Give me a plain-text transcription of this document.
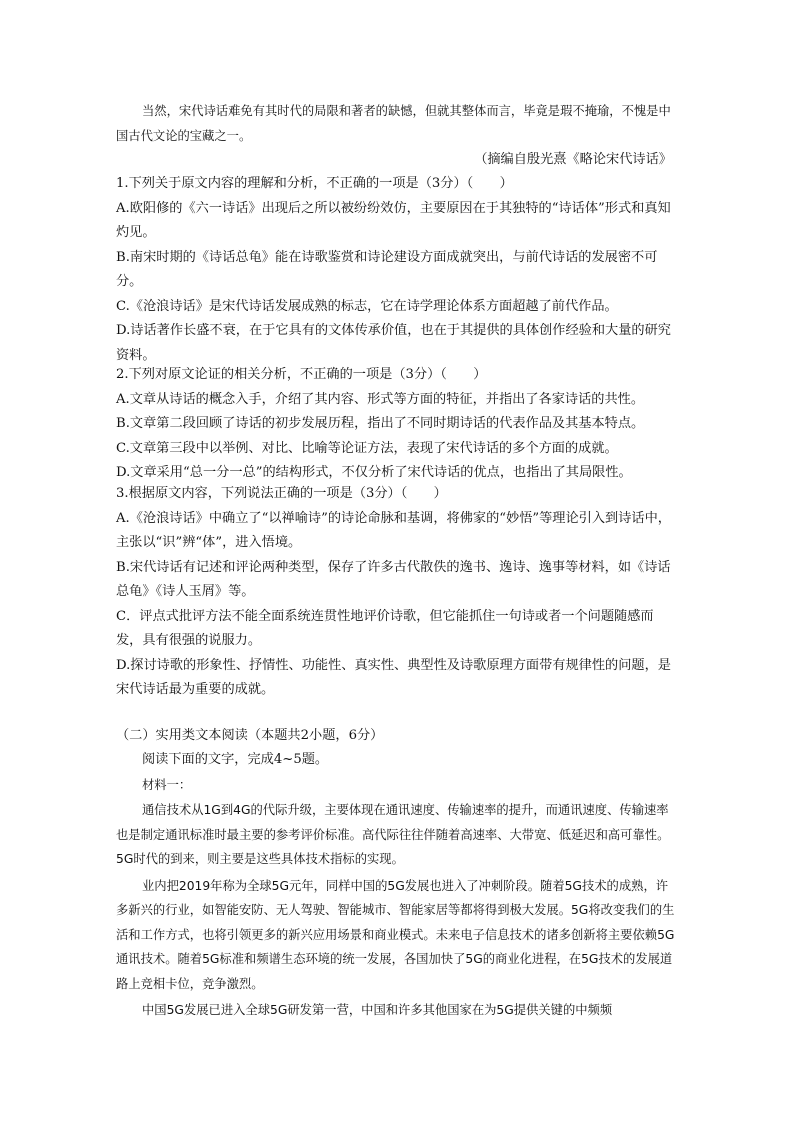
当然，宋代诗话难免有其时代的局限和著者的缺憾，但就其整体而言，毕竟是瑕不掩瑜，不愧是中国古代文论的宝藏之一。
（摘编自殷光熹《略论宋代诗话》
1.下列关于原文内容的理解和分析，不正确的一项是（3分）（　　）
A.欧阳修的《六一诗话》出现后之所以被纷纷效仿，主要原因在于其独特的“诗话体”形式和真知灼见。
B.南宋时期的《诗话总龟》能在诗歌鉴赏和诗论建设方面成就突出，与前代诗话的发展密不可分。
C.《沧浪诗话》是宋代诗话发展成熟的标志，它在诗学理论体系方面超越了前代作品。
D.诗话著作长盛不衰，在于它具有的文体传承价值，也在于其提供的具体创作经验和大量的研究资料。
2.下列对原文论证的相关分析，不正确的一项是（3分）（　　）
A.文章从诗话的概念入手，介绍了其内容、形式等方面的特征，并指出了各家诗话的共性。
B.文章第二段回顾了诗话的初步发展历程，指出了不同时期诗话的代表作品及其基本特点。
C.文章第三段中以举例、对比、比喻等论证方法，表现了宋代诗话的多个方面的成就。
D.文章采用“总一分一总”的结构形式，不仅分析了宋代诗话的优点，也指出了其局限性。
3.根据原文内容，下列说法正确的一项是（3分）（　　）
A.《沧浪诗话》中确立了“以禅喻诗”的诗论命脉和基调，将佛家的“妙悟”等理论引入到诗话中，主张以“识”辨“体”，进入悟境。
B.宋代诗话有记述和评论两种类型，保存了许多古代散佚的逸书、逸诗、逸事等材料，如《诗话总龟》《诗人玉屑》等。
C．评点式批评方法不能全面系统连贯性地评价诗歌，但它能抓住一句诗或者一个问题随感而发，具有很强的说服力。
D.探讨诗歌的形象性、抒情性、功能性、真实性、典型性及诗歌原理方面带有规律性的问题，是宋代诗话最为重要的成就。
（二）实用类文本阅读（本题共2小题，6分）
阅读下面的文字，完成4~5题。
材料一：
通信技术从1G到4G的代际升级，主要体现在通讯速度、传输速率的提升，而通讯速度、传输速率也是制定通讯标准时最主要的参考评价标准。高代际往往伴随着高速率、大带宽、低延迟和高可靠性。5G时代的到来，则主要是这些具体技术指标的实现。
业内把2019年称为全球5G元年，同样中国的5G发展也进入了冲刺阶段。随着5G技术的成熟，许多新兴的行业，如智能安防、无人驾驶、智能城市、智能家居等都将得到极大发展。5G将改变我们的生活和工作方式，也将引领更多的新兴应用场景和商业模式。未来电子信息技术的诸多创新将主要依赖5G通讯技术。随着5G标准和频谱生态环境的统一发展，各国加快了5G的商业化进程，在5G技术的发展道路上竞相卡位，竞争激烈。
中国5G发展已进入全球5G研发第一营，中国和许多其他国家在为5G提供关键的中频频
